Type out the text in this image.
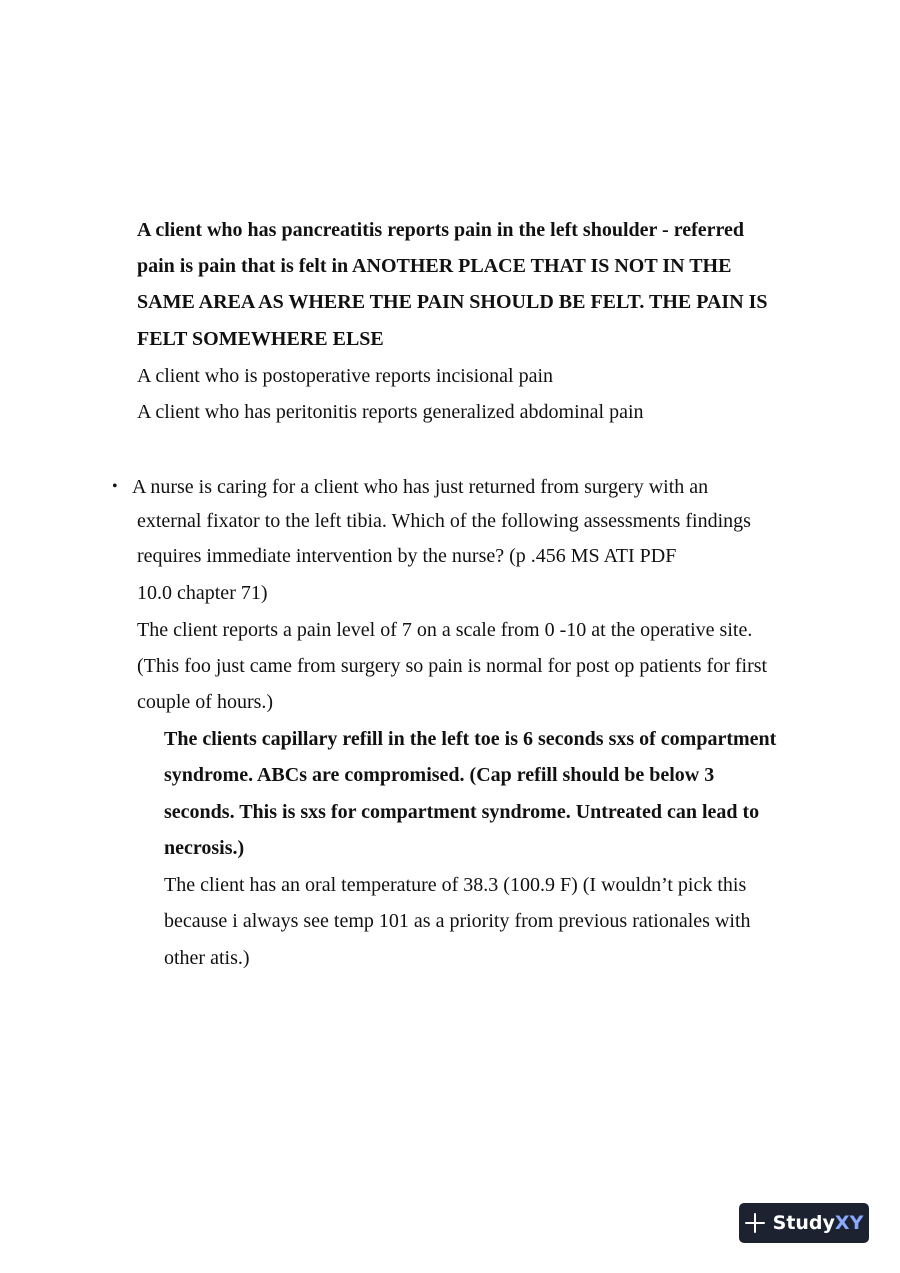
A client who has pancreatitis reports pain in the left shoulder - referred
pain is pain that is felt in ANOTHER PLACE THAT IS NOT IN THE
SAME AREA AS WHERE THE PAIN SHOULD BE FELT. THE PAIN IS
FELT SOMEWHERE ELSE
A client who is postoperative reports incisional pain
A client who has peritonitis reports generalized abdominal pain
• A nurse is caring for a client who has just returned from surgery with an
external fixator to the left tibia. Which of the following assessments findings
requires immediate intervention by the nurse? (p .456 MS ATI PDF
10.0 chapter 71)
The client reports a pain level of 7 on a scale from 0 -10 at the operative site.
(This foo just came from surgery so pain is normal for post op patients for first
couple of hours.)
The clients capillary refill in the left toe is 6 seconds sxs of compartment
syndrome. ABCs are compromised. (Cap refill should be below 3
seconds. This is sxs for compartment syndrome. Untreated can lead to
necrosis.)
The client has an oral temperature of 38.3 (100.9 F) (I wouldn’t pick this
because i always see temp 101 as a priority from previous rationales with
other atis.)
StudyXY
